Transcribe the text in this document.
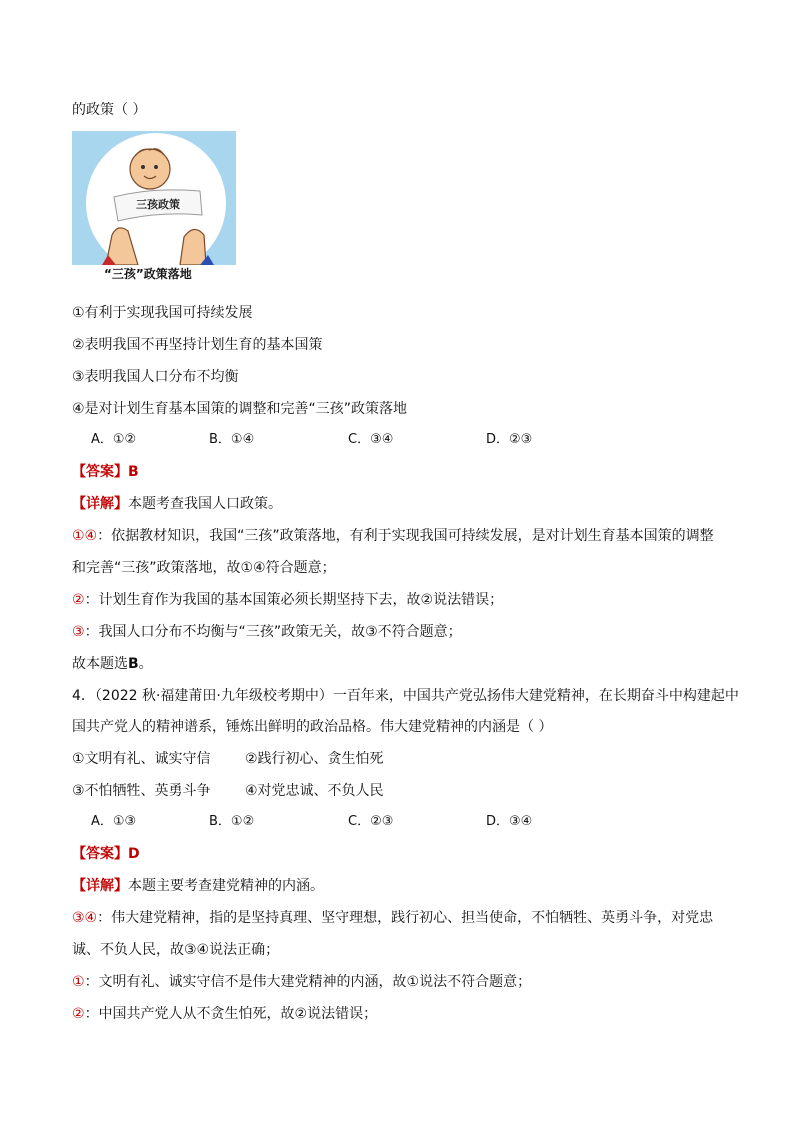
的政策（ ）
三孩政策
“三孩”政策落地
①有利于实现我国可持续发展
②表明我国不再坚持计划生育的基本国策
③表明我国人口分布不均衡
④是对计划生育基本国策的调整和完善“三孩”政策落地
A．①②	B．①④	C．③④	D．②③
【答案】B
【详解】本题考查我国人口政策。
①④：依据教材知识，我国“三孩”政策落地，有利于实现我国可持续发展，是对计划生育基本国策的调整
和完善“三孩”政策落地，故①④符合题意；
②：计划生育作为我国的基本国策必须长期坚持下去，故②说法错误；
③：我国人口分布不均衡与“三孩”政策无关，故③不符合题意；
故本题选B。
4．（2022 秋·福建莆田·九年级校考期中）一百年来，中国共产党弘扬伟大建党精神，在长期奋斗中构建起中
国共产党人的精神谱系，锤炼出鲜明的政治品格。伟大建党精神的内涵是（ ）
①文明有礼、诚实守信 ②践行初心、贪生怕死
③不怕牺牲、英勇斗争 ④对党忠诚、不负人民
A．①③	B．①②	C．②③	D．③④
【答案】D
【详解】本题主要考查建党精神的内涵。
③④：伟大建党精神，指的是坚持真理、坚守理想，践行初心、担当使命，不怕牺牲、英勇斗争，对党忠
诚、不负人民，故③④说法正确；
①：文明有礼、诚实守信不是伟大建党精神的内涵，故①说法不符合题意；
②：中国共产党人从不贪生怕死，故②说法错误；
